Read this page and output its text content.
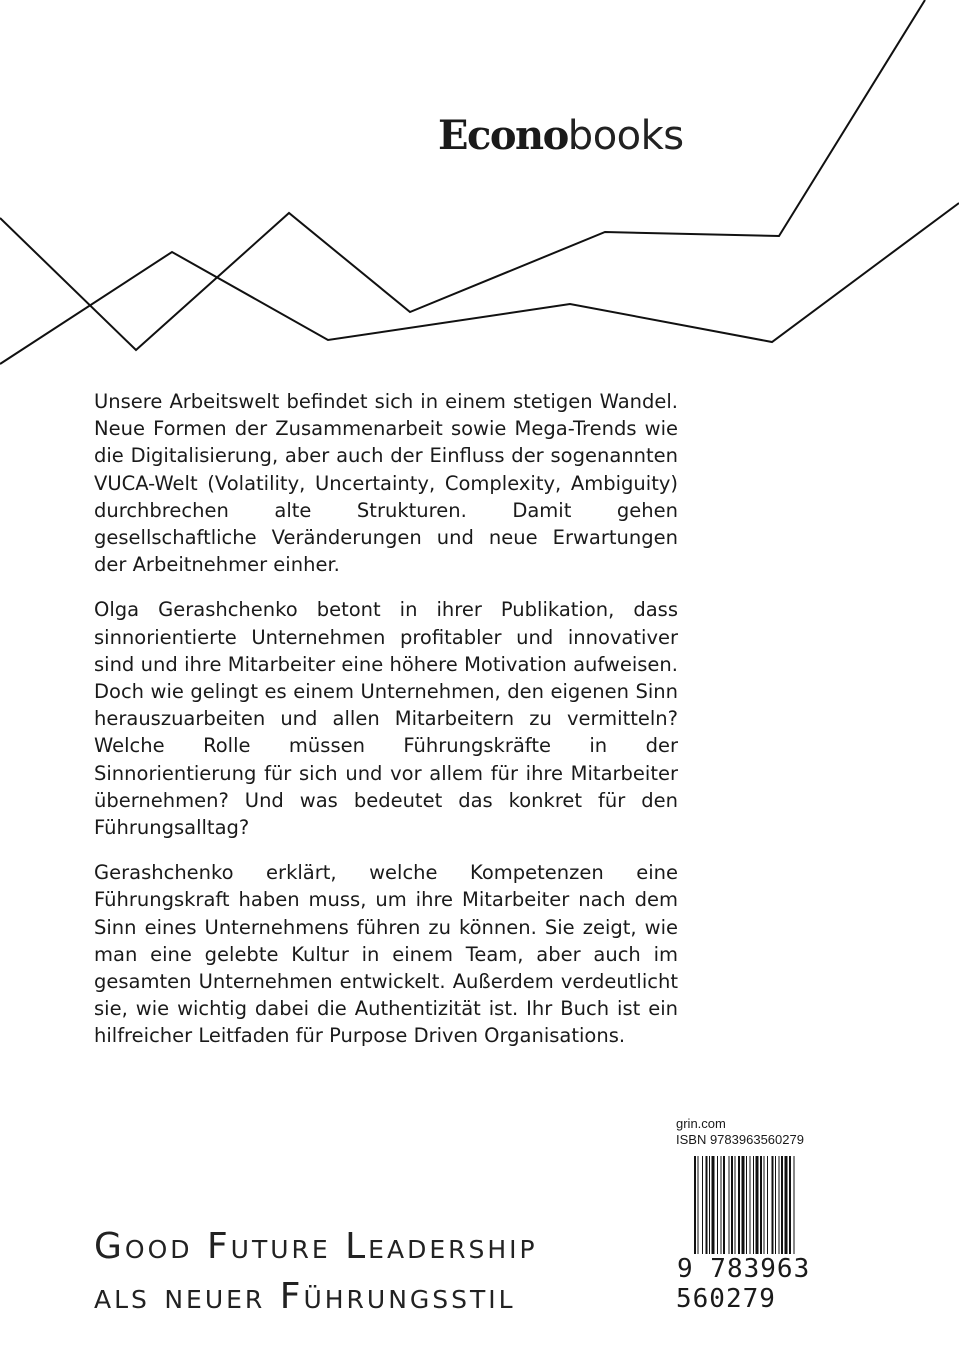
Econobooks

Unsere Arbeitswelt befindet sich in einem stetigen Wandel. Neue Formen der Zusammenarbeit sowie Mega-Trends wie die Digitalisierung, aber auch der Einfluss der sogenannten VUCA-Welt (Volatility, Uncertainty, Complexity, Ambiguity) durchbrechen alte Strukturen. Damit gehen gesellschaftliche Veränderungen und neue Erwartungen der Arbeitnehmer einher.

Olga Gerashchenko betont in ihrer Publikation, dass sinnorientierte Unternehmen profitabler und innovativer sind und ihre Mitarbeiter eine höhere Motivation aufweisen. Doch wie gelingt es einem Unternehmen, den eigenen Sinn herauszuarbeiten und allen Mitarbeitern zu vermitteln? Welche Rolle müssen Führungskräfte in der Sinnorientierung für sich und vor allem für ihre Mitarbeiter übernehmen? Und was bedeutet das konkret für den Führungsalltag?

Gerashchenko erklärt, welche Kompetenzen eine Führungskraft haben muss, um ihre Mitarbeiter nach dem Sinn eines Unternehmens führen zu können. Sie zeigt, wie man eine gelebte Kultur in einem Team, aber auch im gesamten Unternehmen entwickelt. Außerdem verdeutlicht sie, wie wichtig dabei die Authentizität ist. Ihr Buch ist ein hilfreicher Leitfaden für Purpose Driven Organisations.

grin.com
ISBN 9783963560279
9 783963 560279
Good Future Leadership
als neuer Führungsstil
